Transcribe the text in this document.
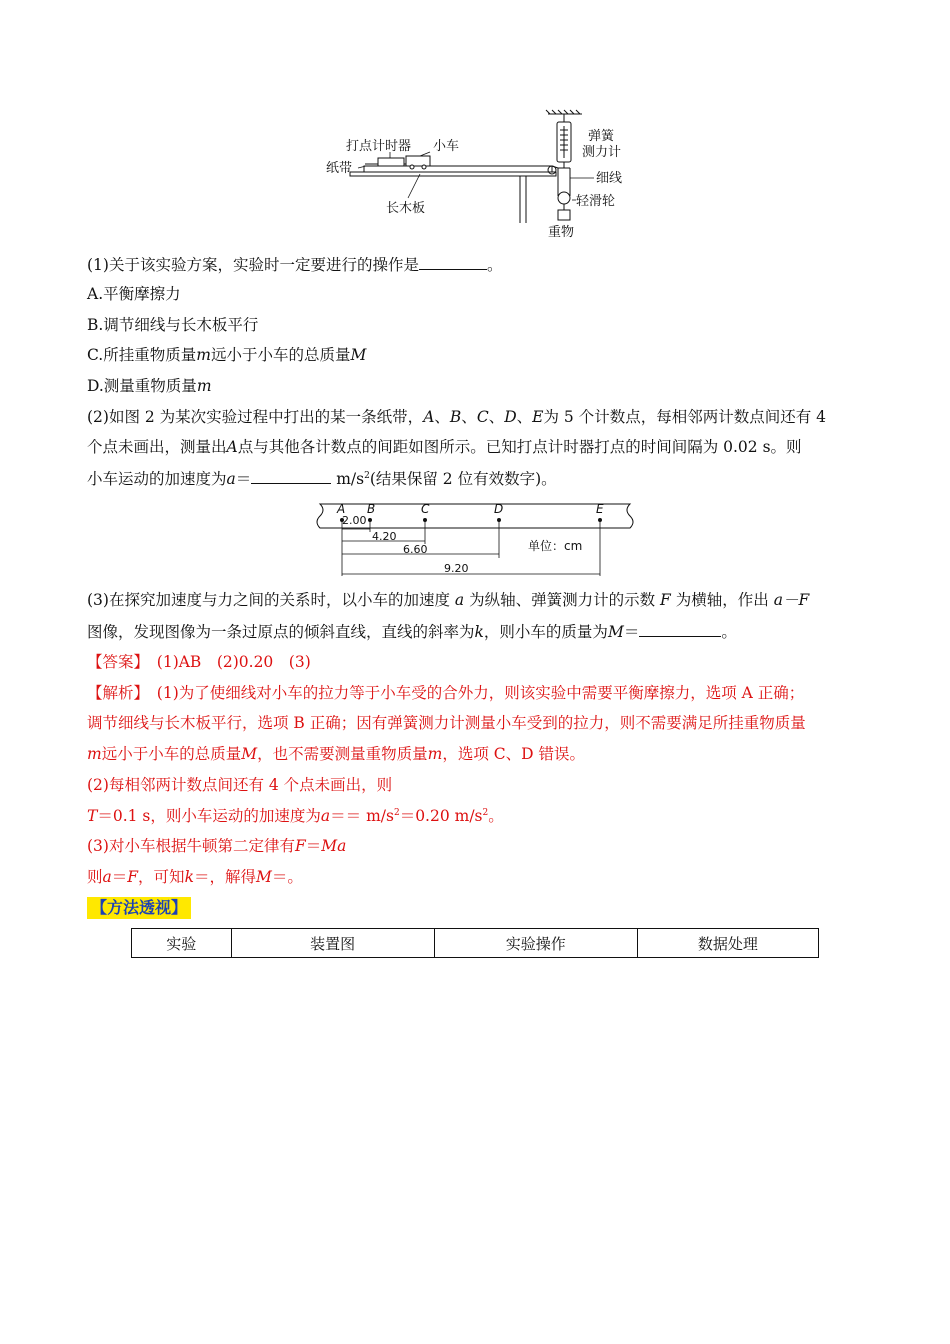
打点计时器 小车
纸带
长木板
弹簧
测力计
细线
轻滑轮
重物
(1)关于该实验方案，实验时一定要进行的操作是	。
A.平衡摩擦力
B.调节细线与长木板平行
C.所挂重物质量m远小于小车的总质量M
D.测量重物质量m
(2)如图 2 为某次实验过程中打出的某一条纸带，A、B、C、D、E为 5 个计数点，每相邻两计数点间还有 4
个点未画出，测量出A点与其他各计数点的间距如图所示。已知打点计时器打点的时间间隔为 0.02 s。则
小车运动的加速度为a＝	$m/s^2$(结果保留 2 位有效数字)。
A B	C	D	E
2.00
4.20
6.60
9.20
单位：cm
(3)在探究加速度与力之间的关系时，以小车的加速度 a 为纵轴、弹簧测力计的示数 F 为横轴，作出 a－F
图像，发现图像为一条过原点的倾斜直线，直线的斜率为k，则小车的质量为M＝	。
【答案】　 (1)AB　(2)0.20　(3)
【解析】　 (1)为了使细线对小车的拉力等于小车受的合外力，则该实验中需要平衡摩擦力，选项 A 正确；
调节细线与长木板平行，选项 B 正确；因有弹簧测力计测量小车受到的拉力，则不需要满足所挂重物质量
m远小于小车的总质量M，也不需要测量重物质量m，选项 C、D 错误。
(2)每相邻两计数点间还有 4 个点未画出，则
T＝0.1 s，则小车运动的加速度为$a== m/s^2=0.20$ $m/s^2$。
(3)对小车根据牛顿第二定律有F＝Ma
则a＝F，可知k＝，解得M＝。
【方法透视】
实验	装置图	实验操作	数据处理
